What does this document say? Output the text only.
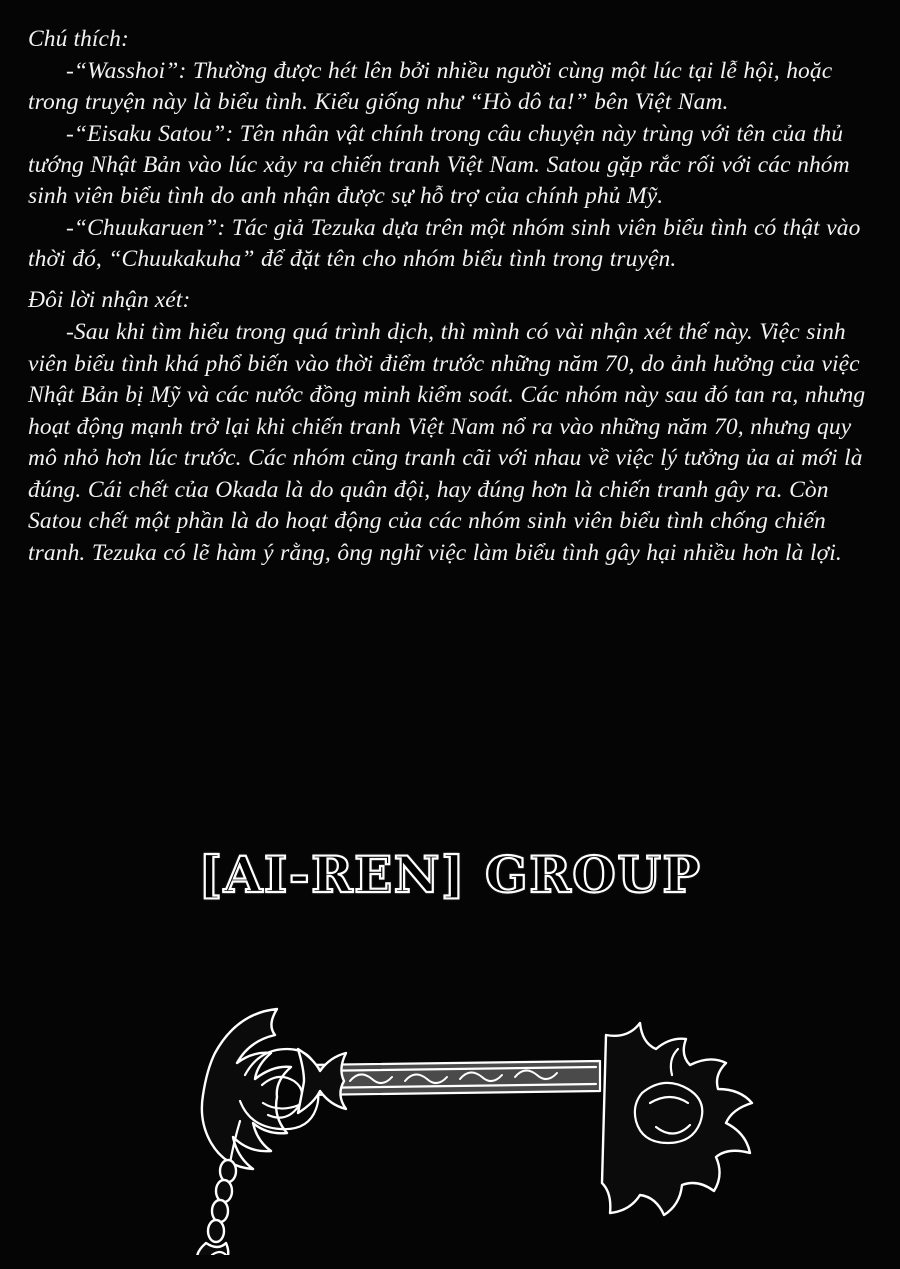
Chú thích:

-“Wasshoi”: Thường được hét lên bởi nhiều người cùng một lúc tại lễ hội, hoặc trong truyện này là biểu tình. Kiểu giống như “Hò dô ta!” bên Việt Nam.

-“Eisaku Satou”: Tên nhân vật chính trong câu chuyện này trùng với tên của thủ tướng Nhật Bản vào lúc xảy ra chiến tranh Việt Nam. Satou gặp rắc rối với các nhóm sinh viên biểu tình do anh nhận được sự hỗ trợ của chính phủ Mỹ.

-“Chuukaruen”: Tác giả Tezuka dựa trên một nhóm sinh viên biểu tình có thật vào thời đó, “Chuukakuha” để đặt tên cho nhóm biểu tình trong truyện.

Đôi lời nhận xét:

-Sau khi tìm hiểu trong quá trình dịch, thì mình có vài nhận xét thế này. Việc sinh viên biểu tình khá phổ biến vào thời điểm trước những năm 70, do ảnh hưởng của việc Nhật Bản bị Mỹ và các nước đồng minh kiểm soát. Các nhóm này sau đó tan ra, nhưng hoạt động mạnh trở lại khi chiến tranh Việt Nam nổ ra vào những năm 70, nhưng quy mô nhỏ hơn lúc trước. Các nhóm cũng tranh cãi với nhau về việc lý tưởng ủa ai mới là đúng. Cái chết của Okada là do quân đội, hay đúng hơn là chiến tranh gây ra. Còn Satou chết một phần là do hoạt động của các nhóm sinh viên biểu tình chống chiến tranh. Tezuka có lẽ hàm ý rằng, ông nghĩ việc làm biểu tình gây hại nhiều hơn là lợi.

[AI-REN] GROUP
